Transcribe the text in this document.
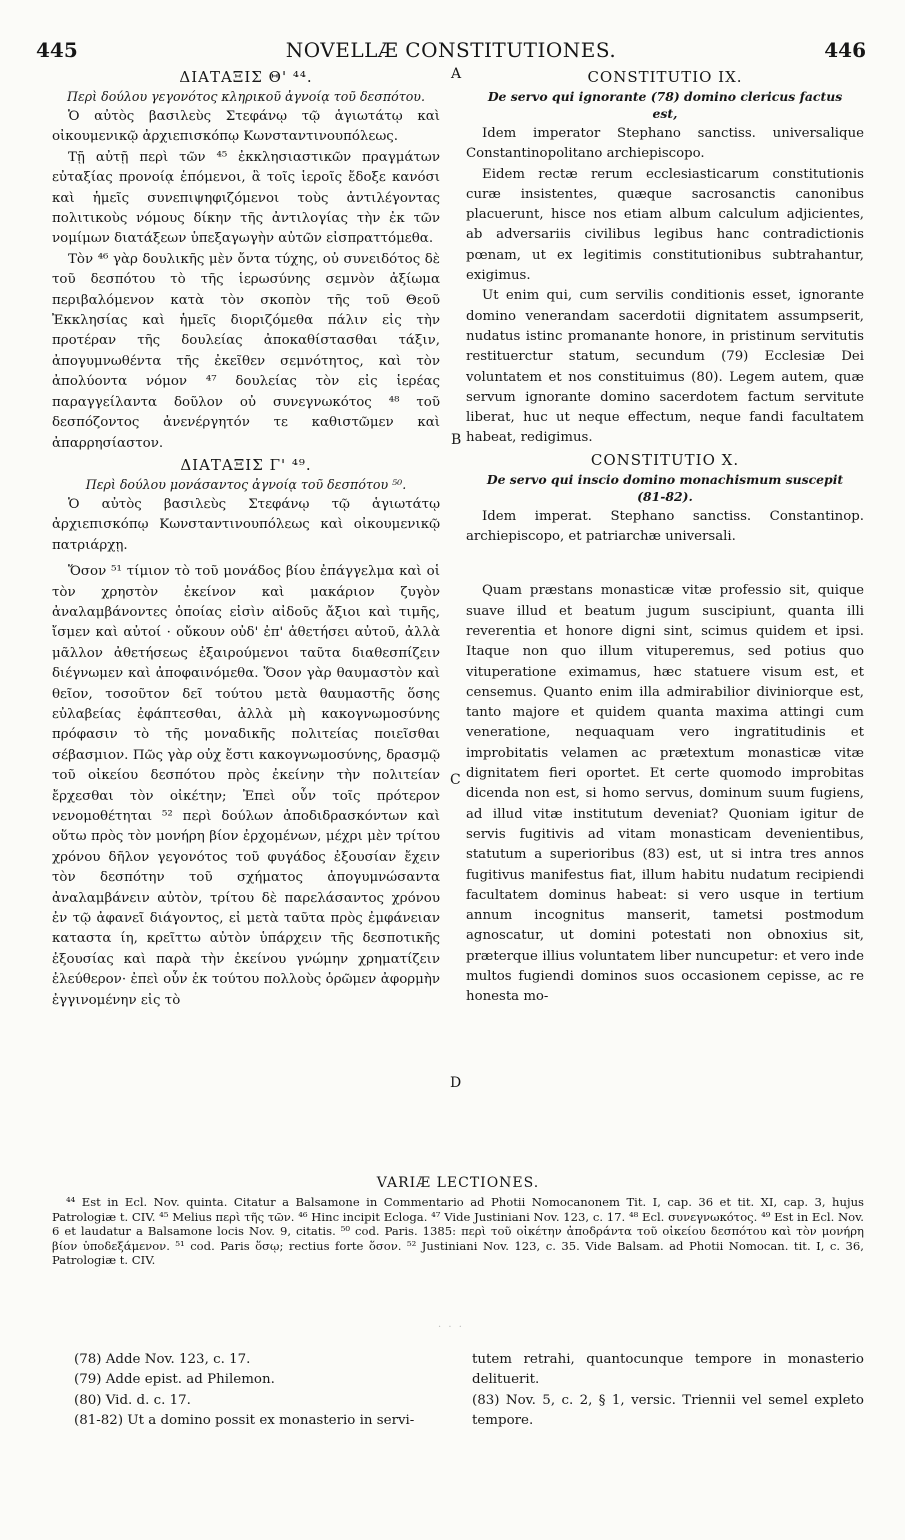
445	NOVELLÆ CONSTITUTIONES.	446
A
B
C
D
ΔΙΑΤΑΞΙΣ Θ' ⁴⁴.
Περὶ δούλου γεγονότος κληρικοῦ ἀγνοίᾳ τοῦ δεσπότου.

Ὁ αὐτὸς βασιλεὺς Στεφάνῳ τῷ ἁγιωτάτῳ καὶ οἰκουμενικῷ ἀρχιεπισκόπῳ Κωνσταντινουπόλεως.

Τῇ αὐτῇ περὶ τῶν ⁴⁵ ἐκκλησιαστικῶν πραγμάτων εὐταξίας προνοίᾳ ἑπόμενοι, ἃ τοῖς ἱεροῖς ἔδοξε κανόσι καὶ ἡμεῖς συνεπιψηφιζόμενοι τοὺς ἀντιλέγοντας πολιτικοὺς νόμους δίκην τῆς ἀντιλογίας τὴν ἐκ τῶν νομίμων διατάξεων ὑπεξαγωγὴν αὐτῶν εἰσπραττόμεθα.

Τὸν ⁴⁶ γὰρ δουλικῆς μὲν ὄντα τύχης, οὐ συνειδότος δὲ τοῦ δεσπότου τὸ τῆς ἱερωσύνης σεμνὸν ἀξίωμα περιβαλόμενον κατὰ τὸν σκοπὸν τῆς τοῦ Θεοῦ Ἐκκλησίας καὶ ἡμεῖς διοριζόμεθα πάλιν εἰς τὴν προτέραν τῆς δουλείας ἀποκαθίστασθαι τάξιν, ἀπογυμνωθέντα τῆς ἐκεῖθεν σεμνότητος, καὶ τὸν ἀπολύοντα νόμον ⁴⁷ δουλείας τὸν εἰς ἱερέας παραγγείλαντα δοῦλον οὐ συνεγνωκότος ⁴⁸ τοῦ δεσπόζοντος ἀνενέργητόν τε καθιστῶμεν καὶ ἀπαρρησίαστον.

ΔΙΑΤΑΞΙΣ Γ' ⁴⁹.
Περὶ δούλου μονάσαντος ἀγνοίᾳ τοῦ δεσπότου ⁵⁰.

Ὁ αὐτὸς βασιλεὺς Στεφάνῳ τῷ ἁγιωτάτῳ ἀρχιεπισκόπῳ Κωνσταντινουπόλεως καὶ οἰκουμενικῷ πατριάρχῃ.

Ὅσον ⁵¹ τίμιον τὸ τοῦ μονάδος βίου ἐπάγγελμα καὶ οἱ τὸν χρηστὸν ἐκείνον καὶ μακάριον ζυγὸν ἀναλαμβάνοντες ὁποίας εἰσὶν αἰδοῦς ἄξιοι καὶ τιμῆς, ἴσμεν καὶ αὐτοί · οὔκουν οὐδ' ἐπ' ἀθετήσει αὐτοῦ, ἀλλὰ μᾶλλον ἀθετήσεως ἐξαιρούμενοι ταῦτα διαθεσπίζειν διέγνωμεν καὶ ἀποφαινόμεθα. Ὅσον γὰρ θαυμαστὸν καὶ θεῖον, τοσοῦτον δεῖ τούτου μετὰ θαυμαστῆς ὅσης εὐλαβείας ἐφάπτεσθαι, ἀλλὰ μὴ κακογνωμοσύνης πρόφασιν τὸ τῆς μοναδικῆς πολιτείας ποιεῖσθαι σέβασμιον. Πῶς γὰρ οὐχ ἔστι κακογνωμοσύνης, δρασμῷ τοῦ οἰκείου δεσπότου πρὸς ἐκείνην τὴν πολιτείαν ἔρχεσθαι τὸν οἰκέτην; Ἐπεὶ οὖν τοῖς πρότερον νενομοθέτηται ⁵² περὶ δούλων ἀποδιδρασκόντων καὶ οὕτω πρὸς τὸν μονήρη βίον ἐρχομένων, μέχρι μὲν τρίτου χρόνου δῆλον γεγονότος τοῦ φυγάδος ἐξουσίαν ἔχειν τὸν δεσπότην τοῦ σχήματος ἀπογυμνώσαντα ἀναλαμβάνειν αὐτὸν, τρίτου δὲ παρελάσαντος χρόνου ἐν τῷ ἀφανεῖ διάγοντος, εἰ μετὰ ταῦτα πρὸς ἐμφάνειαν καταστα ίη, κρεῖττω αὐτὸν ὑπάρχειν τῆς δεσποτικῆς ἐξουσίας καὶ παρὰ τὴν ἐκείνου γνώμην χρηματίζειν ἐλεύθερον· ἐπεὶ οὖν ἐκ τούτου πολλοὺς ὁρῶμεν ἀφορμὴν ἐγγινομένην εἰς τὸ

CONSTITUTIO IX.
De servo qui ignorante (78) domino clericus factus est,

Idem imperator Stephano sanctiss. universalique Constantinopolitano archiepiscopo.

Eidem rectæ rerum ecclesiasticarum constitutionis curæ insistentes, quæque sacrosanctis canonibus placuerunt, hisce nos etiam album calculum adjicientes, ab adversariis civilibus legibus hanc contradictionis pœnam, ut ex legitimis constitutionibus subtrahantur, exigimus.

Ut enim qui, cum servilis conditionis esset, ignorante domino venerandam sacerdotii dignitatem assumpserit, nudatus istinc promanante honore, in pristinum servitutis restituerctur statum, secundum (79) Ecclesiæ Dei voluntatem et nos constituimus (80). Legem autem, quæ servum ignorante domino sacerdotem factum servitute liberat, huc ut neque effectum, neque fandi facultatem habeat, redigimus.

CONSTITUTIO X.
De servo qui inscio domino monachismum suscepit (81-82).

Idem imperat. Stephano sanctiss. Constantinop. archiepiscopo, et patriarchæ universali.

Quam præstans monasticæ vitæ professio sit, quique suave illud et beatum jugum suscipiunt, quanta illi reverentia et honore digni sint, scimus quidem et ipsi. Itaque non quo illum vituperemus, sed potius quo vituperatione eximamus, hæc statuere visum est, et censemus. Quanto enim illa admirabilior diviniorque est, tanto majore et quidem quanta maxima attingi cum veneratione, nequaquam vero ingratitudinis et improbitatis velamen ac prætextum monasticæ vitæ dignitatem fieri oportet. Et certe quomodo improbitas dicenda non est, si homo servus, dominum suum fugiens, ad illud vitæ institutum deveniat? Quoniam igitur de servis fugitivis ad vitam monasticam devenientibus, statutum a superioribus (83) est, ut si intra tres annos fugitivus manifestus fiat, illum habitu nudatum recipiendi facultatem dominus habeat: si vero usque in tertium annum incognitus manserit, tametsi postmodum agnoscatur, ut domini potestati non obnoxius sit, præterque illius voluntatem liber nuncupetur: et vero inde multos fugiendi dominos suos occasionem cepisse, ac re honesta mo-

VARIÆ LECTIONES.

⁴⁴ Est in Ecl. Nov. quinta. Citatur a Balsamone in Commentario ad Photii Nomocanonem Tit. I, cap. 36 et tit. XI, cap. 3, hujus Patrologiæ t. CIV. ⁴⁵ Melius περὶ τῆς τῶν. ⁴⁶ Hinc incipit Ecloga. ⁴⁷ Vide Justiniani Nov. 123, c. 17. ⁴⁸ Ecl. συνεγνωκότος. ⁴⁹ Est in Ecl. Nov. 6 et laudatur a Balsamone locis Nov. 9, citatis. ⁵⁰ cod. Paris. 1385: περὶ τοῦ οἰκέτην ἀποδράντα τοῦ οἰκείου δεσπότου καὶ τὸν μονήρη βίον ὑποδεξάμενον. ⁵¹ cod. Paris ὅσῳ; rectius forte ὅσον. ⁵² Justiniani Nov. 123, c. 35. Vide Balsam. ad Photii Nomocan. tit. I, c. 36, Patrologiæ t. CIV.

· · ·

(78) Adde Nov. 123, c. 17.

(79) Adde epist. ad Philemon.

(80) Vid. d. c. 17.

(81-82) Ut a domino possit ex monasterio in servi-

tutem retrahi, quantocunque tempore in monasterio delituerit.

(83) Nov. 5, c. 2, § 1, versic. Triennii vel semel expleto tempore.
